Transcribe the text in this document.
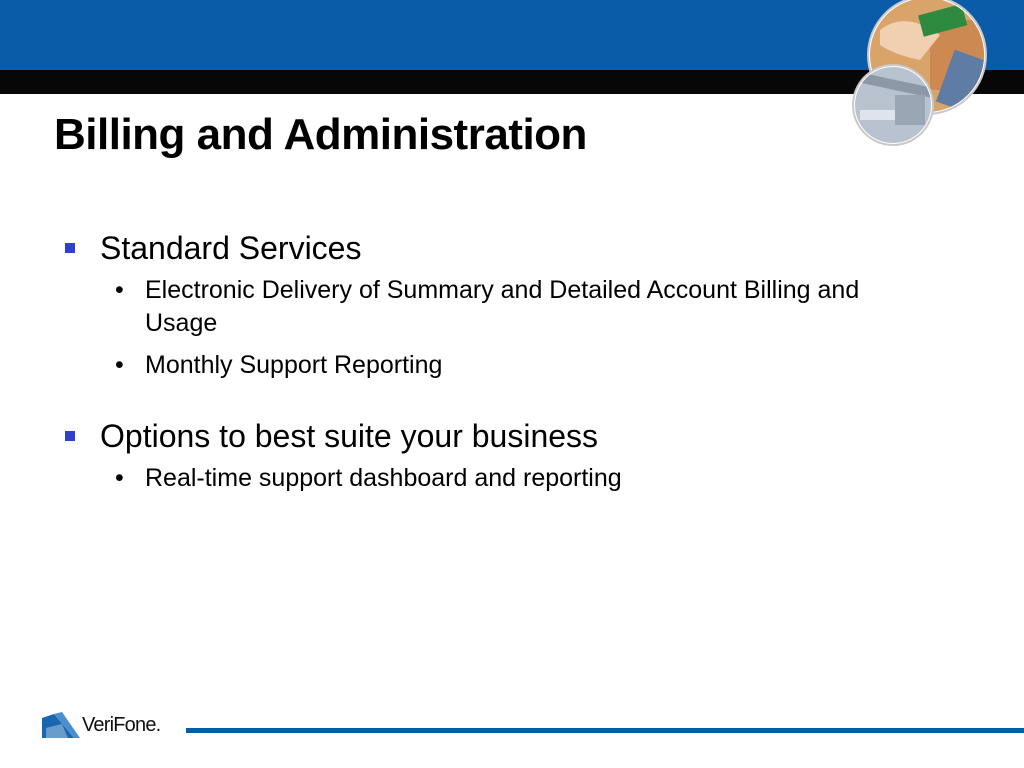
Billing and Administration
Standard Services
• Electronic Delivery of Summary and Detailed Account Billing and Usage
• Monthly Support Reporting
Options to best suite your business
• Real-time support dashboard and reporting
VeriFone.
